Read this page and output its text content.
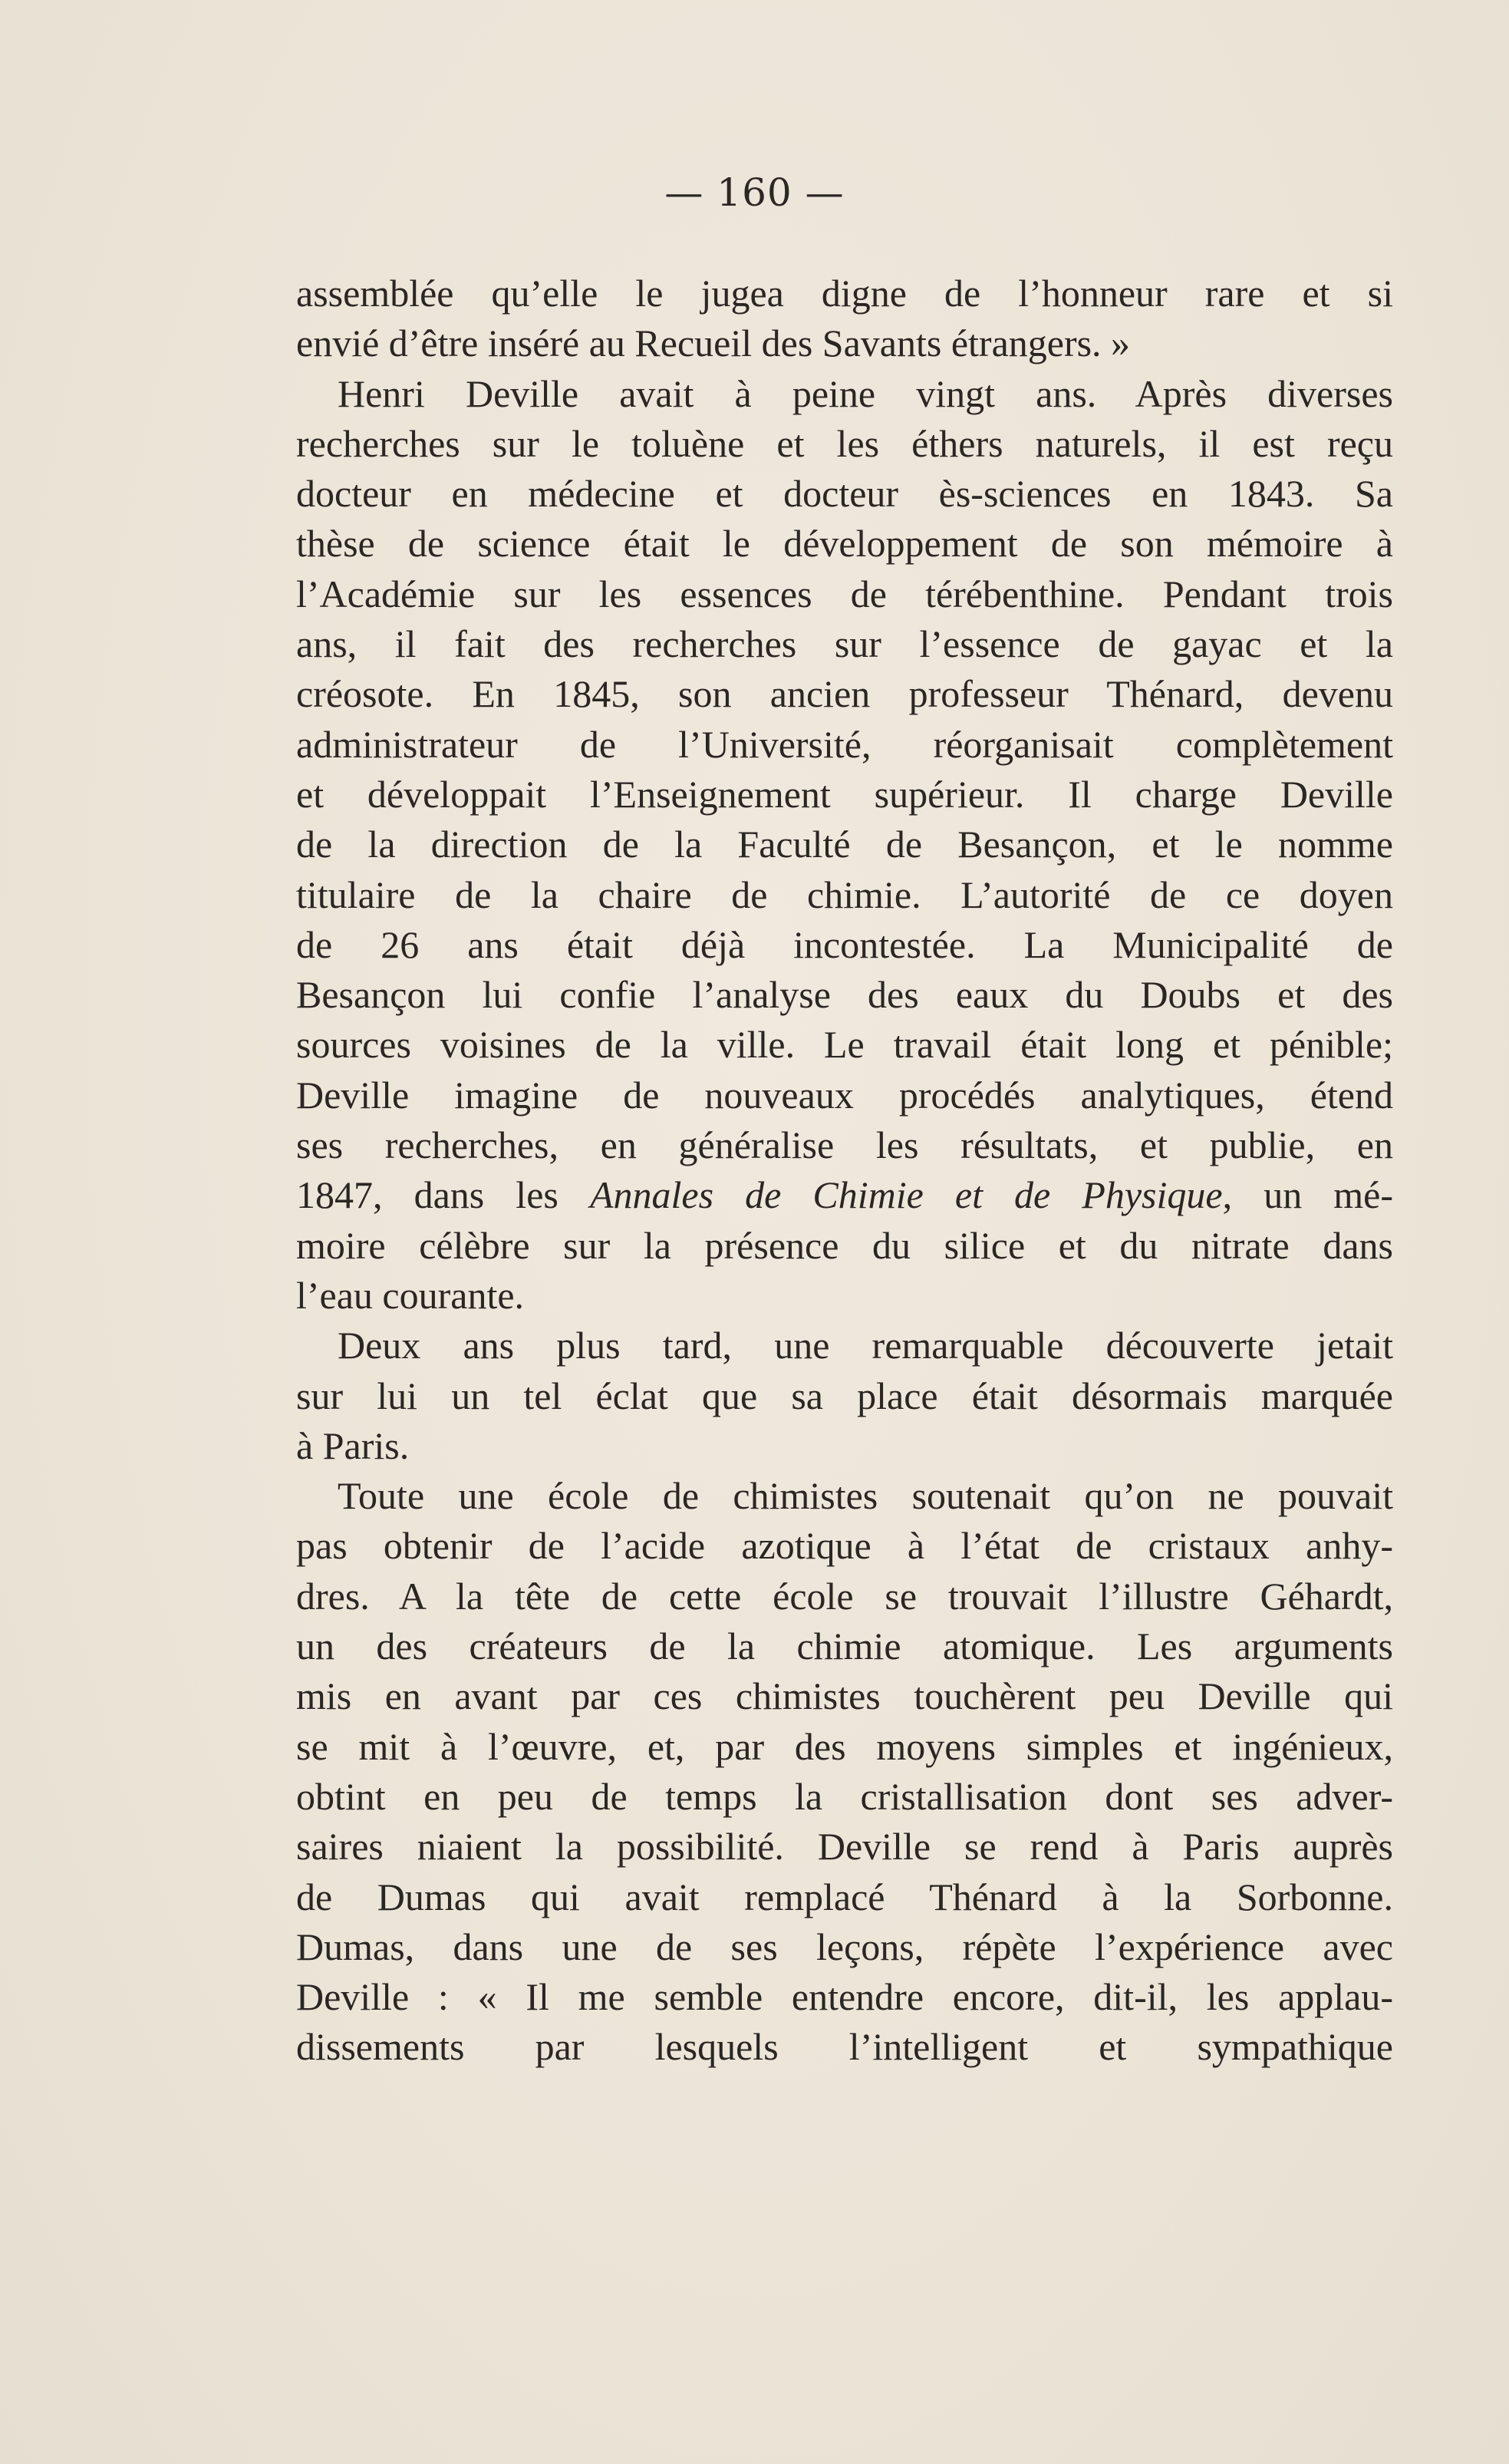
— 160 —
assemblée qu’elle le jugea digne de l’honneur rare et si
envié d’être inséré au Recueil des Savants étrangers. »
Henri Deville avait à peine vingt ans. Après diverses
recherches sur le toluène et les éthers naturels, il est reçu
docteur en médecine et docteur ès-sciences en 1843. Sa
thèse de science était le développement de son mémoire à
l’Académie sur les essences de térébenthine. Pendant trois
ans, il fait des recherches sur l’essence de gayac et la
créosote. En 1845, son ancien professeur Thénard, devenu
administrateur de l’Université, réorganisait complètement
et développait l’Enseignement supérieur. Il charge Deville
de la direction de la Faculté de Besançon, et le nomme
titulaire de la chaire de chimie. L’autorité de ce doyen
de 26 ans était déjà incontestée. La Municipalité de
Besançon lui confie l’analyse des eaux du Doubs et des
sources voisines de la ville. Le travail était long et pénible;
Deville imagine de nouveaux procédés analytiques, étend
ses recherches, en généralise les résultats, et publie, en
1847, dans les Annales de Chimie et de Physique, un mé-
moire célèbre sur la présence du silice et du nitrate dans
l’eau courante.
Deux ans plus tard, une remarquable découverte jetait
sur lui un tel éclat que sa place était désormais marquée
à Paris.
Toute une école de chimistes soutenait qu’on ne pouvait
pas obtenir de l’acide azotique à l’état de cristaux anhy-
dres. A la tête de cette école se trouvait l’illustre Géhardt,
un des créateurs de la chimie atomique. Les arguments
mis en avant par ces chimistes touchèrent peu Deville qui
se mit à l’œuvre, et, par des moyens simples et ingénieux,
obtint en peu de temps la cristallisation dont ses adver-
saires niaient la possibilité. Deville se rend à Paris auprès
de Dumas qui avait remplacé Thénard à la Sorbonne.
Dumas, dans une de ses leçons, répète l’expérience avec
Deville : « Il me semble entendre encore, dit-il, les applau-
dissements par lesquels l’intelligent et sympathique
